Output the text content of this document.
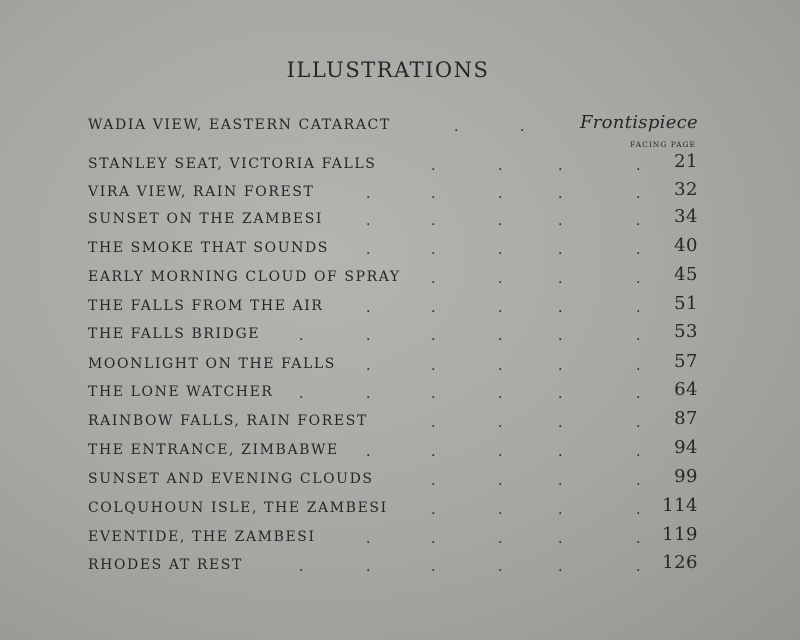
ILLUSTRATIONS
WADIA VIEW, EASTERN CATARACT	Frontispiece
.	.
FACING PAGE
STANLEY SEAT, VICTORIA FALLS	21
.	.	.	.
VIRA VIEW, RAIN FOREST	32
.	.	.	.	.
SUNSET ON THE ZAMBESI	34
.	.	.	.	.
THE SMOKE THAT SOUNDS	40
.	.	.	.	.
EARLY MORNING CLOUD OF SPRAY	45
.	.	.	.
THE FALLS FROM THE AIR	51
.	.	.	.	.
THE FALLS BRIDGE	53
.	.	.	.	.	.
MOONLIGHT ON THE FALLS	57
.	.	.	.	.
THE LONE WATCHER	64
.	.	.	.	.	.
RAINBOW FALLS, RAIN FOREST	87
.	.	.	.
THE ENTRANCE, ZIMBABWE	94
.	.	.	.	.
SUNSET AND EVENING CLOUDS	99
.	.	.	.
COLQUHOUN ISLE, THE ZAMBESI	114
.	.	.	.
EVENTIDE, THE ZAMBESI	119
.	.	.	.	.
RHODES AT REST	126
.	.	.	.	.	.
